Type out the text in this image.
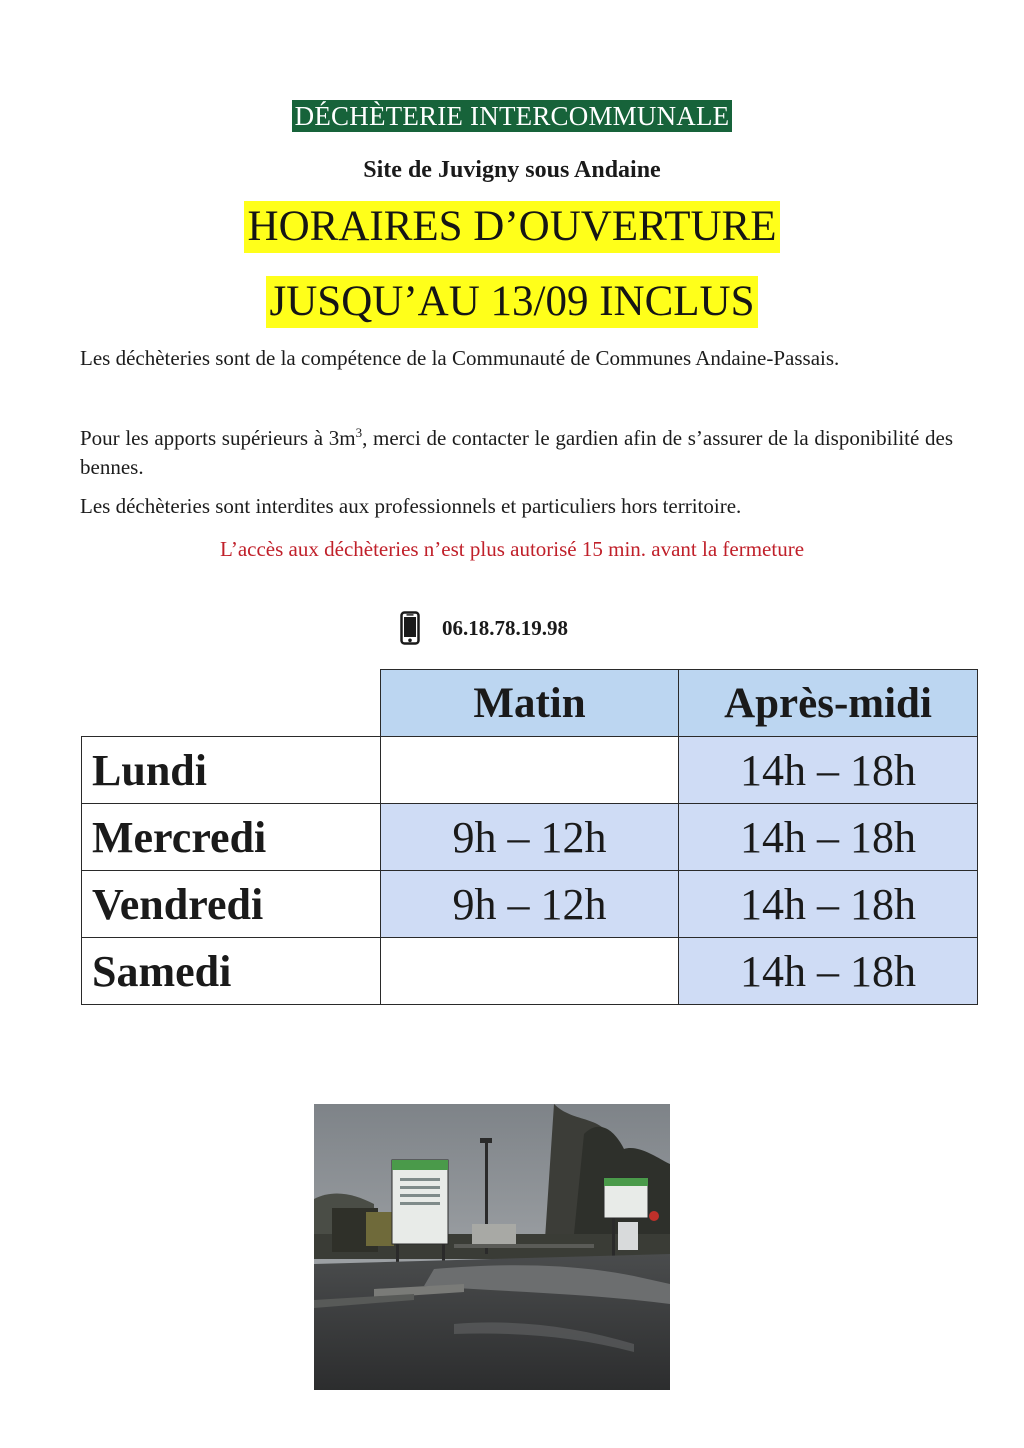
DÉCHÈTERIE INTERCOMMUNALE
Site de Juvigny sous Andaine
HORAIRES D’OUVERTURE
JUSQU’AU 13/09 INCLUS
Les déchèteries sont de la compétence de la Communauté de Communes Andaine-Passais.
Pour les apports supérieurs à $3m^3$, merci de contacter le gardien afin de s’assurer de la disponibilité des bennes.
Les déchèteries sont interdites aux professionnels et particuliers hors territoire.
L’accès aux déchèteries n’est plus autorisé 15 min. avant la fermeture
06.18.78.19.98
	Matin	Après-midi
Lundi		14h – 18h
Mercredi	9h – 12h	14h – 18h
Vendredi	9h – 12h	14h – 18h
Samedi		14h – 18h
